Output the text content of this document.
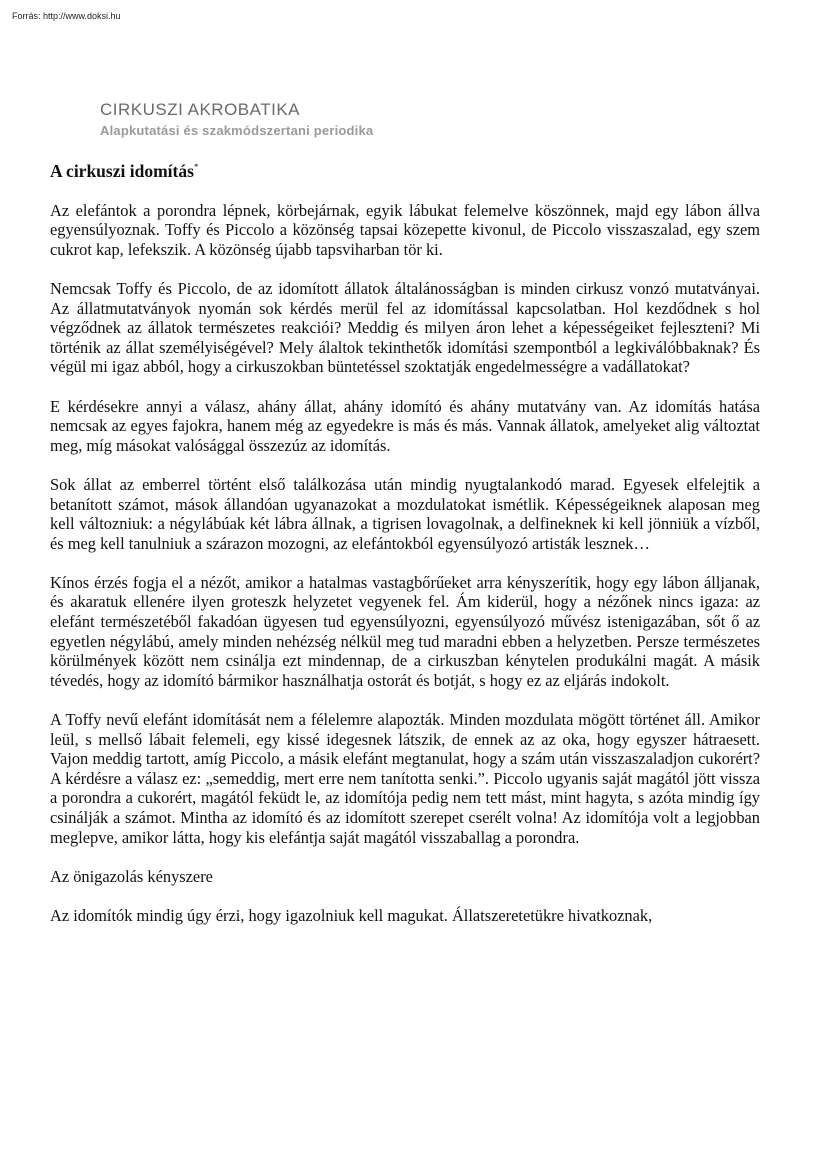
Forrás: http://www.doksi.hu
CIRKUSZI AKROBATIKA
Alapkutatási és szakmódszertani periodika
A cirkuszi idomítás*

Az elefántok a porondra lépnek, körbejárnak, egyik lábukat felemelve köszönnek, majd egy lábon állva egyensúlyoznak. Toffy és Piccolo a közönség tapsai közepette kivonul, de Piccolo visszaszalad, egy szem cukrot kap, lefekszik. A közönség újabb tapsviharban tör ki.

Nemcsak Toffy és Piccolo, de az idomított állatok általánosságban is minden cirkusz vonzó mutatványai. Az állatmutatványok nyomán sok kérdés merül fel az idomítással kapcsolatban. Hol kezdődnek s hol végződnek az állatok természetes reakciói? Meddig és milyen áron lehet a képességeiket fejleszteni? Mi történik az állat személyiségével? Mely álaltok tekinthetők idomítási szempontból a legkiválóbbaknak? És végül mi igaz abból, hogy a cirkuszokban büntetéssel szoktatják engedelmességre a vadállatokat?

E kérdésekre annyi a válasz, ahány állat, ahány idomító és ahány mutatvány van. Az idomítás hatása nemcsak az egyes fajokra, hanem még az egyedekre is más és más. Vannak állatok, amelyeket alig változtat meg, míg másokat valósággal összezúz az idomítás.

Sok állat az emberrel történt első találkozása után mindig nyugtalankodó marad. Egyesek elfelejtik a betanított számot, mások állandóan ugyanazokat a mozdulatokat ismétlik. Képességeiknek alaposan meg kell változniuk: a négylábúak két lábra állnak, a tigrisen lovagolnak, a delfineknek ki kell jönniük a vízből, és meg kell tanulniuk a szárazon mozogni, az elefántokból egyensúlyozó artisták lesznek…

Kínos érzés fogja el a nézőt, amikor a hatalmas vastagbőrűeket arra kényszerítik, hogy egy lábon álljanak, és akaratuk ellenére ilyen groteszk helyzetet vegyenek fel. Ám kiderül, hogy a nézőnek nincs igaza: az elefánt természetéből fakadóan ügyesen tud egyensúlyozni, egyensúlyozó művész istenigazában, sőt ő az egyetlen négylábú, amely minden nehézség nélkül meg tud maradni ebben a helyzetben. Persze természetes körülmények között nem csinálja ezt mindennap, de a cirkuszban kénytelen produkálni magát. A másik tévedés, hogy az idomító bármikor használhatja ostorát és botját, s hogy ez az eljárás indokolt.

A Toffy nevű elefánt idomítását nem a félelemre alapozták. Minden mozdulata mögött történet áll. Amikor leül, s mellső lábait felemeli, egy kissé idegesnek látszik, de ennek az az oka, hogy egyszer hátraesett. Vajon meddig tartott, amíg Piccolo, a másik elefánt megtanulat, hogy a szám után visszaszaladjon cukorért? A kérdésre a válasz ez: „semeddig, mert erre nem tanította senki.”. Piccolo ugyanis saját magától jött vissza a porondra a cukorért, magától feküdt le, az idomítója pedig nem tett mást, mint hagyta, s azóta mindig így csinálják a számot. Mintha az idomító és az idomított szerepet cserélt volna! Az idomítója volt a legjobban meglepve, amikor látta, hogy kis elefántja saját magától visszaballag a porondra.

Az önigazolás kényszere

Az idomítók mindig úgy érzi, hogy igazolniuk kell magukat. Állatszeretetükre hivatkoznak,
